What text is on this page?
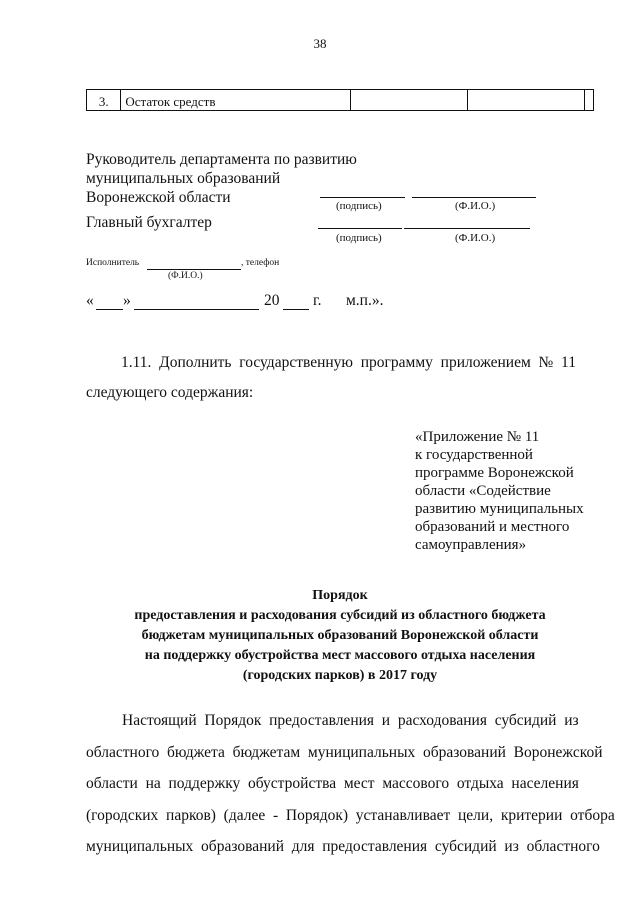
38
3.	Остаток средств			
Руководитель департамента по развитию
муниципальных образований
Воронежской области	(подпись)	(Ф.И.О.)
Главный бухгалтер
(подпись)	(Ф.И.О.)
Исполнитель	, телефон
(Ф.И.О.)
« »	20 г. м.п.».
1.11.  Дополнить  государственную  программу  приложением  №  11
следующего содержания:
«Приложение № 11
к государственной
программе Воронежской
области «Содействие
развитию муниципальных
образований и местного
самоуправления»
Порядок
предоставления и расходования субсидий из областного бюджета
бюджетам муниципальных образований Воронежской области
на поддержку обустройства мест массового отдыха населения
(городских парков) в 2017 году
Настоящий  Порядок  предоставления  и  расходования  субсидий  из
областного  бюджета  бюджетам  муниципальных  образований  Воронежской
области  на  поддержку  обустройства  мест  массового  отдыха  населения
(городских  парков)  (далее  -  Порядок)  устанавливает  цели,  критерии  отбора
муниципальных  образований  для  предоставления  субсидий  из  областного
